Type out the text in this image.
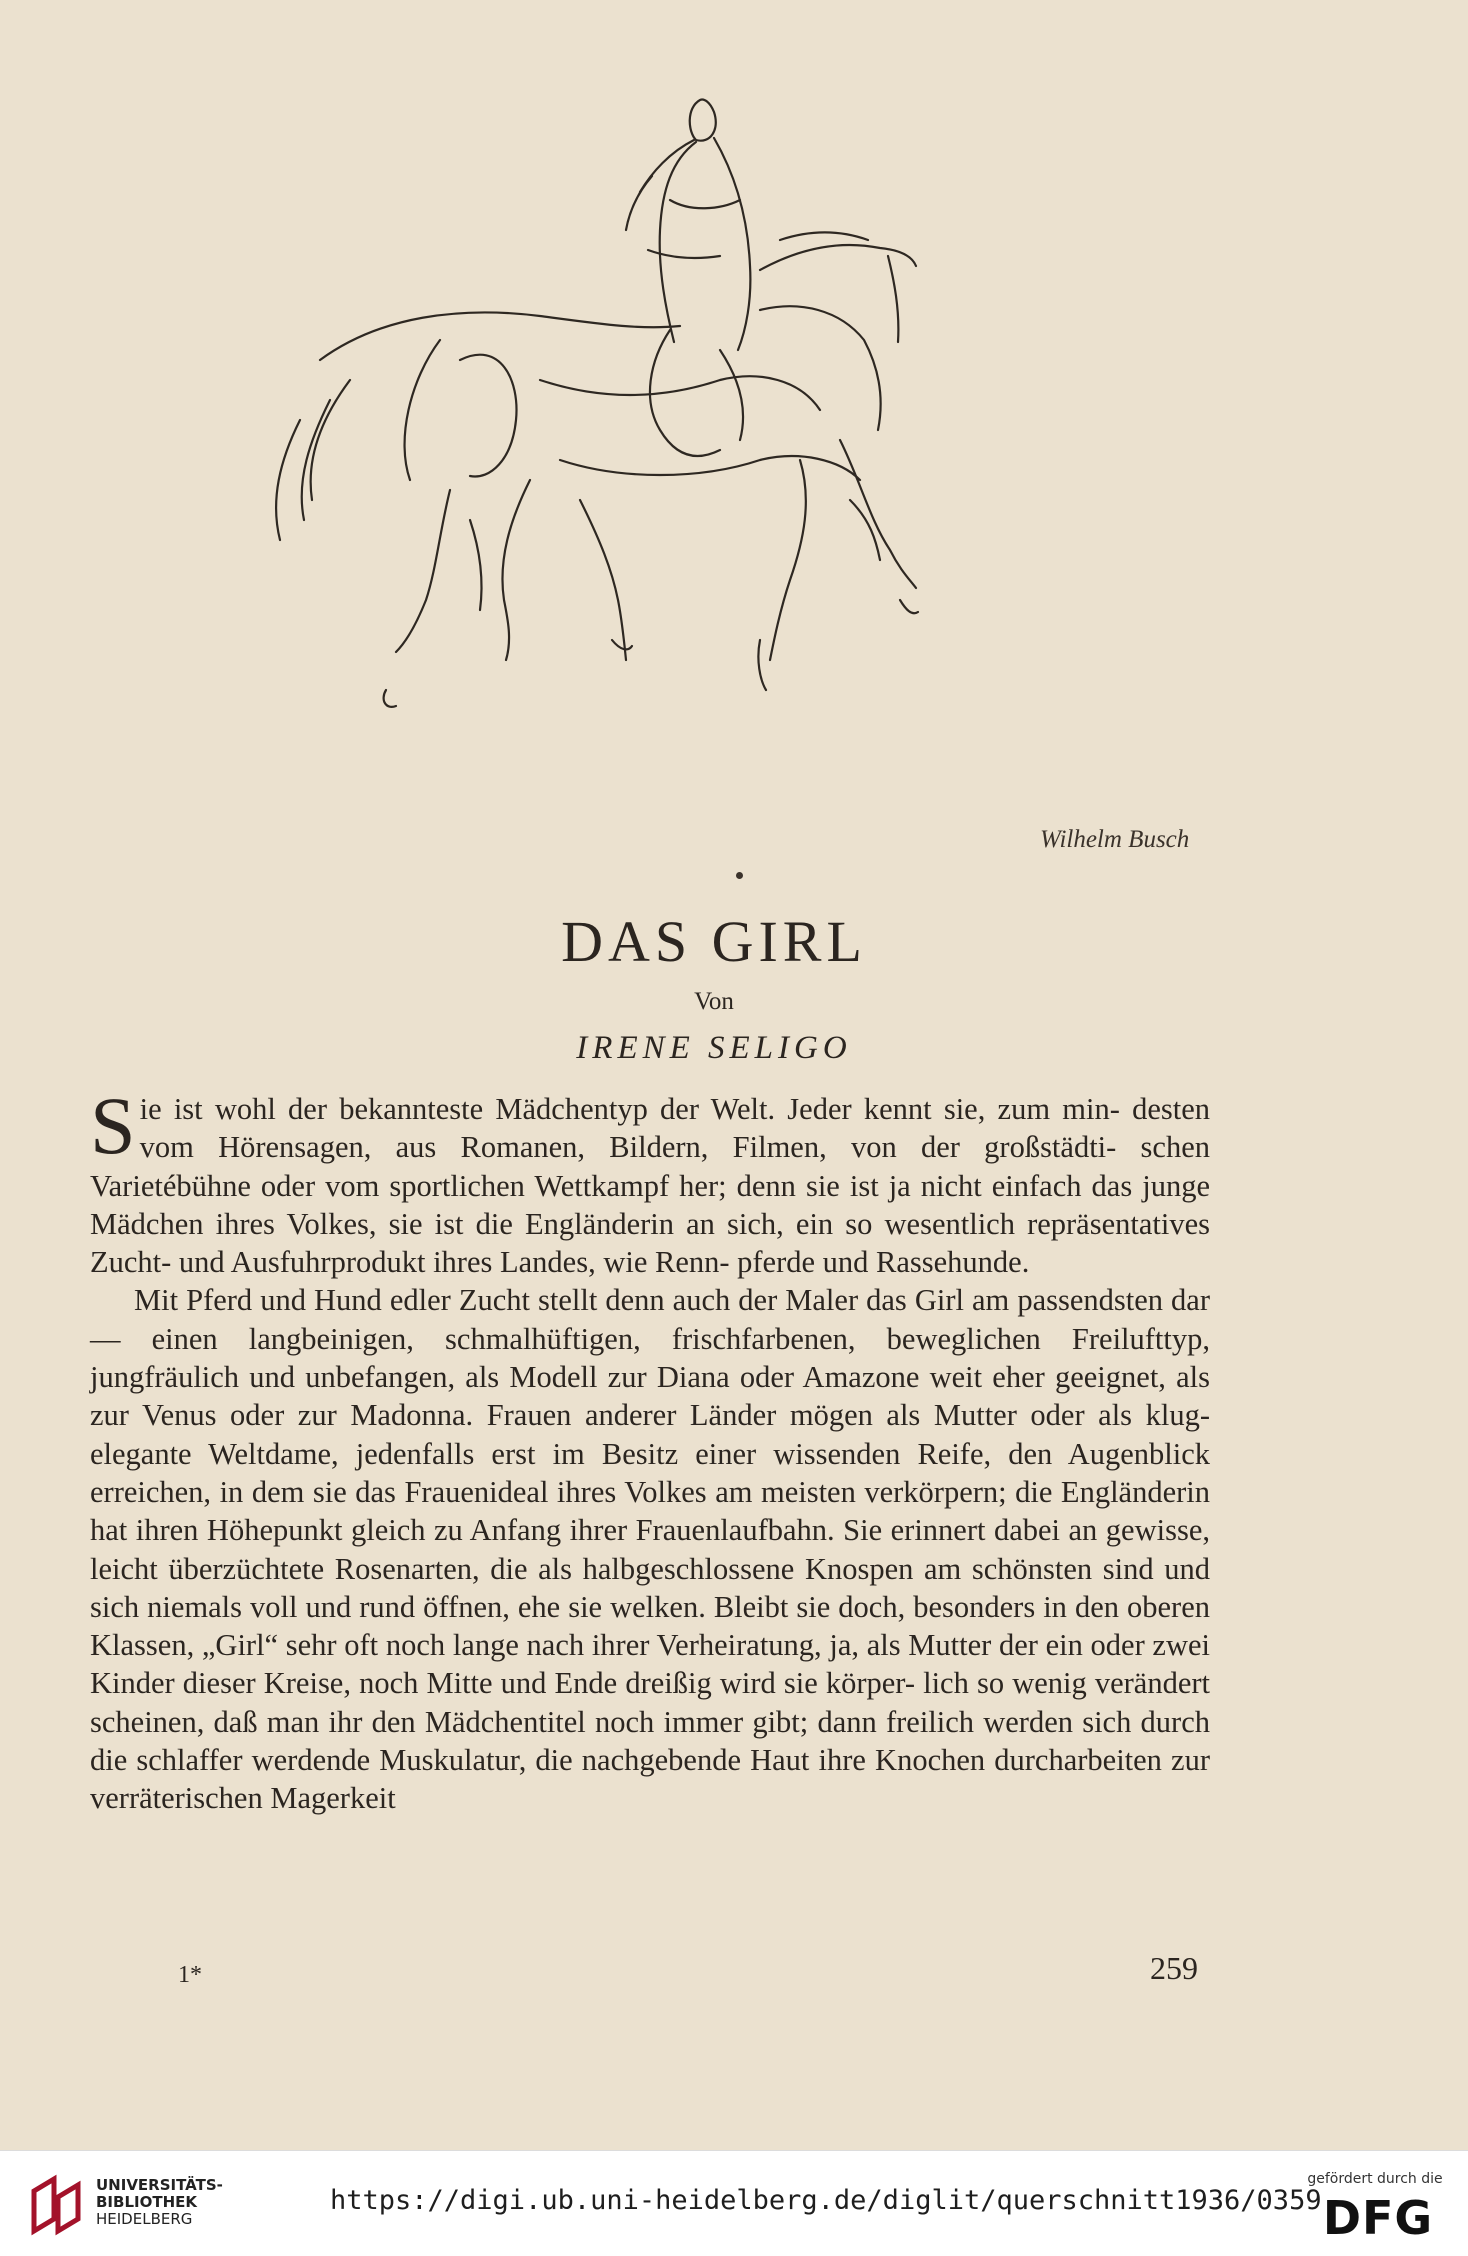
Wilhelm Busch
DAS GIRL
Von
IRENE SELIGO

Sie ist wohl der bekannteste Mädchentyp der Welt. Jeder kennt sie, zum min- desten vom Hörensagen, aus Romanen, Bildern, Filmen, von der großstädti- schen Varietébühne oder vom sportlichen Wettkampf her; denn sie ist ja nicht einfach das junge Mädchen ihres Volkes, sie ist die Engländerin an sich, ein so wesentlich repräsentatives Zucht- und Ausfuhrprodukt ihres Landes, wie Renn- pferde und Rassehunde.

Mit Pferd und Hund edler Zucht stellt denn auch der Maler das Girl am passendsten dar — einen langbeinigen, schmalhüftigen, frischfarbenen, beweglichen Freilufttyp, jungfräulich und unbefangen, als Modell zur Diana oder Amazone weit eher geeignet, als zur Venus oder zur Madonna. Frauen anderer Länder mögen als Mutter oder als klug-elegante Weltdame, jedenfalls erst im Besitz einer wissenden Reife, den Augenblick erreichen, in dem sie das Frauenideal ihres Volkes am meisten verkörpern; die Engländerin hat ihren Höhepunkt gleich zu Anfang ihrer Frauenlaufbahn. Sie erinnert dabei an gewisse, leicht überzüchtete Rosenarten, die als halbgeschlossene Knospen am schönsten sind und sich niemals voll und rund öffnen, ehe sie welken. Bleibt sie doch, besonders in den oberen Klassen, „Girl“ sehr oft noch lange nach ihrer Verheiratung, ja, als Mutter der ein oder zwei Kinder dieser Kreise, noch Mitte und Ende dreißig wird sie körper- lich so wenig verändert scheinen, daß man ihr den Mädchentitel noch immer gibt; dann freilich werden sich durch die schlaffer werdende Muskulatur, die nachgebende Haut ihre Knochen durcharbeiten zur verräterischen Magerkeit

1*	259
UNIVERSITÄTS-
BIBLIOTHEK
HEIDELBERG
https://digi.ub.uni-heidelberg.de/diglit/querschnitt1936/0359
gefördert durch die
DFG
